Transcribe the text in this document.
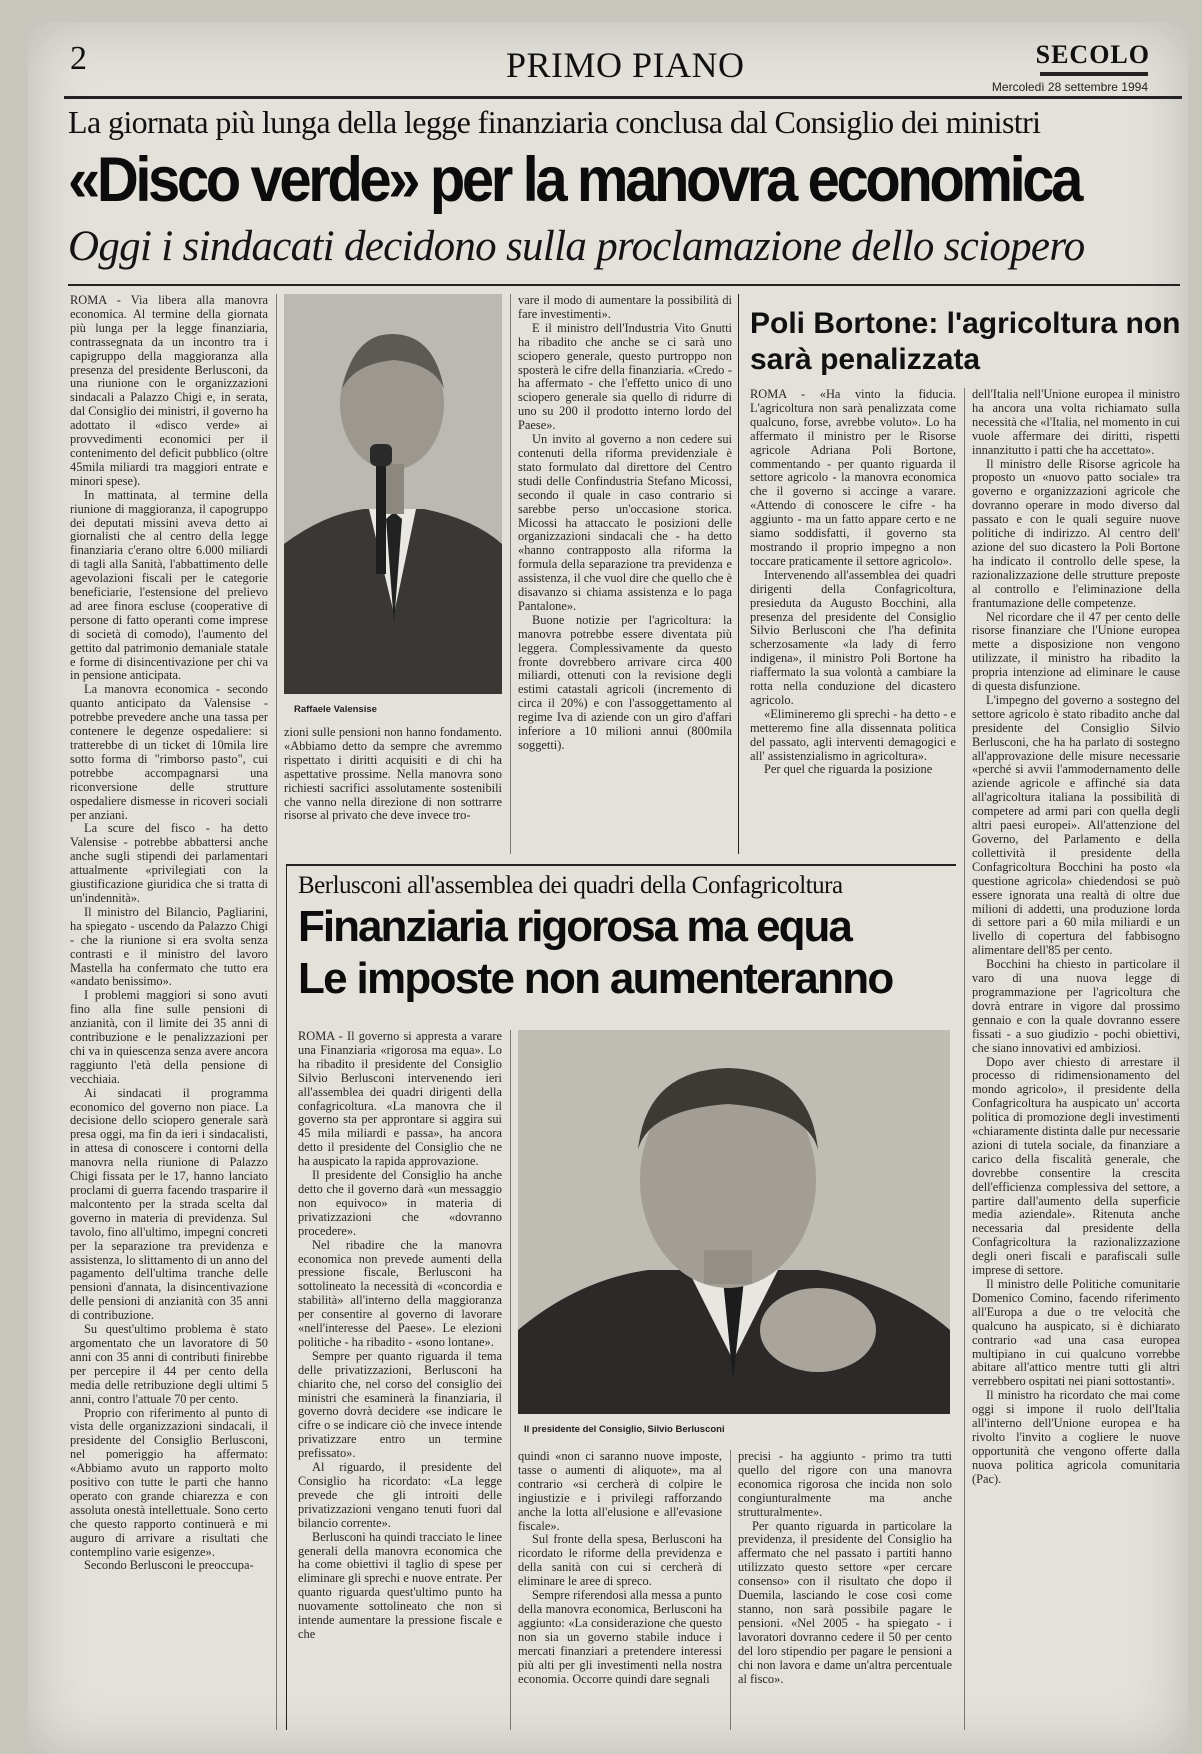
2	PRIMO PIANO	SECOLO
Mercoledì 28 settembre 1994
La giornata più lunga della legge finanziaria conclusa dal Consiglio dei ministri
«Disco verde» per la manovra economica
Oggi i sindacati decidono sulla proclamazione dello sciopero

ROMA - Via libera alla manovra economica. Al termine della giornata più lunga per la legge finanziaria, contrassegnata da un incontro tra i capigruppo della maggioranza alla presenza del presidente Berlusconi, da una riunione con le organizzazioni sindacali a Palazzo Chigi e, in serata, dal Consiglio dei ministri, il governo ha adottato il «disco verde» ai provvedimenti economici per il contenimento del deficit pubblico (oltre 45mila miliardi tra maggiori entrate e minori spese).

In mattinata, al termine della riunione di maggioranza, il capogruppo dei deputati missini aveva detto ai giornalisti che al centro della legge finanziaria c'erano oltre 6.000 miliardi di tagli alla Sanità, l'abbattimento delle agevolazioni fiscali per le categorie beneficiarie, l'estensione del prelievo ad aree finora escluse (cooperative di persone di fatto operanti come imprese di società di comodo), l'aumento del gettito dal patrimonio demaniale statale e forme di disincentivazione per chi va in pensione anticipata.

La manovra economica - secondo quanto anticipato da Valensise - potrebbe prevedere anche una tassa per contenere le degenze ospedaliere: si tratterebbe di un ticket di 10mila lire sotto forma di "rimborso pasto", cui potrebbe accompagnarsi una riconversione delle strutture ospedaliere dismesse in ricoveri sociali per anziani.

La scure del fisco - ha detto Valensise - potrebbe abbattersi anche anche sugli stipendi dei parlamentari attualmente «privilegiati con la giustificazione giuridica che si tratta di un'indennità».

Il ministro del Bilancio, Pagliarini, ha spiegato - uscendo da Palazzo Chigi - che la riunione si era svolta senza contrasti e il ministro del lavoro Mastella ha confermato che tutto era «andato benissimo».

I problemi maggiori si sono avuti fino alla fine sulle pensioni di anzianità, con il limite dei 35 anni di contribuzione e le penalizzazioni per chi va in quiescenza senza avere ancora raggiunto l'età della pensione di vecchiaia.

Ai sindacati il programma economico del governo non piace. La decisione dello sciopero generale sarà presa oggi, ma fin da ieri i sindacalisti, in attesa di conoscere i contorni della manovra nella riunione di Palazzo Chigi fissata per le 17, hanno lanciato proclami di guerra facendo trasparire il malcontento per la strada scelta dal governo in materia di previdenza. Sul tavolo, fino all'ultimo, impegni concreti per la separazione tra previdenza e assistenza, lo slittamento di un anno del pagamento dell'ultima tranche delle pensioni d'annata, la disincentivazione delle pensioni di anzianità con 35 anni di contribuzione.

Su quest'ultimo problema è stato argomentato che un lavoratore di 50 anni con 35 anni di contributi finirebbe per percepire il 44 per cento della media delle retribuzione degli ultimi 5 anni, contro l'attuale 70 per cento.

Proprio con riferimento al punto di vista delle organizzazioni sindacali, il presidente del Consiglio Berlusconi, nel pomeriggio ha affermato: «Abbiamo avuto un rapporto molto positivo con tutte le parti che hanno operato con grande chiarezza e con assoluta onestà intellettuale. Sono certo che questo rapporto continuerà e mi auguro di arrivare a risultati che contemplino varie esigenze».

Secondo Berlusconi le preoccupa-

Raffaele Valensise

zioni sulle pensioni non hanno fondamento. «Abbiamo detto da sempre che avremmo rispettato i diritti acquisiti e di chi ha aspettative prossime. Nella manovra sono richiesti sacrifici assolutamente sostenibili che vanno nella direzione di non sottrarre risorse al privato che deve invece tro-

vare il modo di aumentare la possibilità di fare investimenti».

E il ministro dell'Industria Vito Gnutti ha ribadito che anche se ci sarà uno sciopero generale, questo purtroppo non sposterà le cifre della finanziaria. «Credo - ha affermato - che l'effetto unico di uno sciopero generale sia quello di ridurre di uno su 200 il prodotto interno lordo del Paese».

Un invito al governo a non cedere sui contenuti della riforma previdenziale è stato formulato dal direttore del Centro studi delle Confindustria Stefano Micossi, secondo il quale in caso contrario si sarebbe perso un'occasione storica. Micossi ha attaccato le posizioni delle organizzazioni sindacali che - ha detto «hanno contrapposto alla riforma la formula della separazione tra previdenza e assistenza, il che vuol dire che quello che è disavanzo si chiama assistenza e lo paga Pantalone».

Buone notizie per l'agricoltura: la manovra potrebbe essere diventata più leggera. Complessivamente da questo fronte dovrebbero arrivare circa 400 miliardi, ottenuti con la revisione degli estimi catastali agricoli (incremento di circa il 20%) e con l'assoggettamento al regime Iva di aziende con un giro d'affari inferiore a 10 milioni annui (800mila soggetti).

Poli Bortone: l'agricoltura non sarà penalizzata

ROMA - «Ha vinto la fiducia. L'agricoltura non sarà penalizzata come qualcuno, forse, avrebbe voluto». Lo ha affermato il ministro per le Risorse agricole Adriana Poli Bortone, commentando - per quanto riguarda il settore agricolo - la manovra economica che il governo si accinge a varare. «Attendo di conoscere le cifre - ha aggiunto - ma un fatto appare certo e ne siamo soddisfatti, il governo sta mostrando il proprio impegno a non toccare praticamente il settore agricolo».

Intervenendo all'assemblea dei quadri dirigenti della Confagricoltura, presieduta da Augusto Bocchini, alla presenza del presidente del Consiglio Silvio Berlusconi che l'ha definita scherzosamente «la lady di ferro indigena», il ministro Poli Bortone ha riaffermato la sua volontà a cambiare la rotta nella conduzione del dicastero agricolo.

«Elimineremo gli sprechi - ha detto - e metteremo fine alla dissennata politica del passato, agli interventi demagogici e all' assistenzialismo in agricoltura».

Per quel che riguarda la posizione

dell'Italia nell'Unione europea il ministro ha ancora una volta richiamato sulla necessità che «l'Italia, nel momento in cui vuole affermare dei diritti, rispetti innanzitutto i patti che ha accettato».

Il ministro delle Risorse agricole ha proposto un «nuovo patto sociale» tra governo e organizzazioni agricole che dovranno operare in modo diverso dal passato e con le quali seguire nuove politiche di indirizzo. Al centro dell' azione del suo dicastero la Poli Bortone ha indicato il controllo delle spese, la razionalizzazione delle strutture preposte al controllo e l'eliminazione della frantumazione delle competenze.

Nel ricordare che il 47 per cento delle risorse finanziare che l'Unione europea mette a disposizione non vengono utilizzate, il ministro ha ribadito la propria intenzione ad eliminare le cause di questa disfunzione.

L'impegno del governo a sostegno del settore agricolo è stato ribadito anche dal presidente del Consiglio Silvio Berlusconi, che ha ha parlato di sostegno all'approvazione delle misure necessarie «perché si avvii l'ammodernamento delle aziende agricole e affinché sia data all'agricoltura italiana la possibilità di competere ad armi pari con quella degli altri paesi europei». All'attenzione del Governo, del Parlamento e della collettività il presidente della Confagricoltura Bocchini ha posto «la questione agricola» chiedendosi se può essere ignorata una realtà di oltre due milioni di addetti, una produzione lorda di settore pari a 60 mila miliardi e un livello di copertura del fabbisogno alimentare dell'85 per cento.

Bocchini ha chiesto in particolare il varo di una nuova legge di programmazione per l'agricoltura che dovrà entrare in vigore dal prossimo gennaio e con la quale dovranno essere fissati - a suo giudizio - pochi obiettivi, che siano innovativi ed ambiziosi.

Dopo aver chiesto di arrestare il processo di ridimensionamento del mondo agricolo», il presidente della Confagricoltura ha auspicato un' accorta politica di promozione degli investimenti «chiaramente distinta dalle pur necessarie azioni di tutela sociale, da finanziare a carico della fiscalità generale, che dovrebbe consentire la crescita dell'efficienza complessiva del settore, a partire dall'aumento della superficie media aziendale». Ritenuta anche necessaria dal presidente della Confagricoltura la razionalizzazione degli oneri fiscali e parafiscali sulle imprese di settore.

Il ministro delle Politiche comunitarie Domenico Comino, facendo riferimento all'Europa a due o tre velocità che qualcuno ha auspicato, si è dichiarato contrario «ad una casa europea multipiano in cui qualcuno vorrebbe abitare all'attico mentre tutti gli altri verrebbero ospitati nei piani sottostanti».

Il ministro ha ricordato che mai come oggi si impone il ruolo dell'Italia all'interno dell'Unione europea e ha rivolto l'invito a cogliere le nuove opportunità che vengono offerte dalla nuova politica agricola comunitaria (Pac).

Berlusconi all'assemblea dei quadri della Confagricoltura
Finanziaria rigorosa ma equa
Le imposte non aumenteranno

ROMA - Il governo si appresta a varare una Finanziaria «rigorosa ma equa». Lo ha ribadito il presidente del Consiglio Silvio Berlusconi intervenendo ieri all'assemblea dei quadri dirigenti della confagricoltura. «La manovra che il governo sta per approntare si aggira sui 45 mila miliardi e passa», ha ancora detto il presidente del Consiglio che ne ha auspicato la rapida approvazione.

Il presidente del Consiglio ha anche detto che il governo darà «un messaggio non equivoco» in materia di privatizzazioni che «dovranno procedere».

Nel ribadire che la manovra economica non prevede aumenti della pressione fiscale, Berlusconi ha sottolineato la necessità di «concordia e stabilità» all'interno della maggioranza per consentire al governo di lavorare «nell'interesse del Paese». Le elezioni politiche - ha ribadito - «sono lontane».

Sempre per quanto riguarda il tema delle privatizzazioni, Berlusconi ha chiarito che, nel corso del consiglio dei ministri che esaminerà la finanziaria, il governo dovrà decidere «se indicare le cifre o se indicare ciò che invece intende privatizzare entro un termine prefissato».

Al riguardo, il presidente del Consiglio ha ricordato: «La legge prevede che gli introiti delle privatizzazioni vengano tenuti fuori dal bilancio corrente».

Berlusconi ha quindi tracciato le linee generali della manovra economica che ha come obiettivi il taglio di spese per eliminare gli sprechi e nuove entrate. Per quanto riguarda quest'ultimo punto ha nuovamente sottolineato che non si intende aumentare la pressione fiscale e che

Il presidente del Consiglio, Silvio Berlusconi

quindi «non ci saranno nuove imposte, tasse o aumenti di aliquote», ma al contrario «si cercherà di colpire le ingiustizie e i privilegi rafforzando anche la lotta all'elusione e all'evasione fiscale».

Sul fronte della spesa, Berlusconi ha ricordato le riforme della previdenza e della sanità con cui si cercherà di eliminare le aree di spreco.

Sempre riferendosi alla messa a punto della manovra economica, Berlusconi ha aggiunto: «La considerazione che questo non sia un governo stabile induce i mercati finanziari a pretendere interessi più alti per gli investimenti nella nostra economia. Occorre quindi dare segnali

precisi - ha aggiunto - primo tra tutti quello del rigore con una manovra economica rigorosa che incida non solo congiunturalmente ma anche strutturalmente».

Per quanto riguarda in particolare la previdenza, il presidente del Consiglio ha affermato che nel passato i partiti hanno utilizzato questo settore «per cercare consenso» con il risultato che dopo il Duemila, lasciando le cose così come stanno, non sarà possibile pagare le pensioni. «Nel 2005 - ha spiegato - i lavoratori dovranno cedere il 50 per cento del loro stipendio per pagare le pensioni a chi non lavora e dame un'altra percentuale al fisco».
